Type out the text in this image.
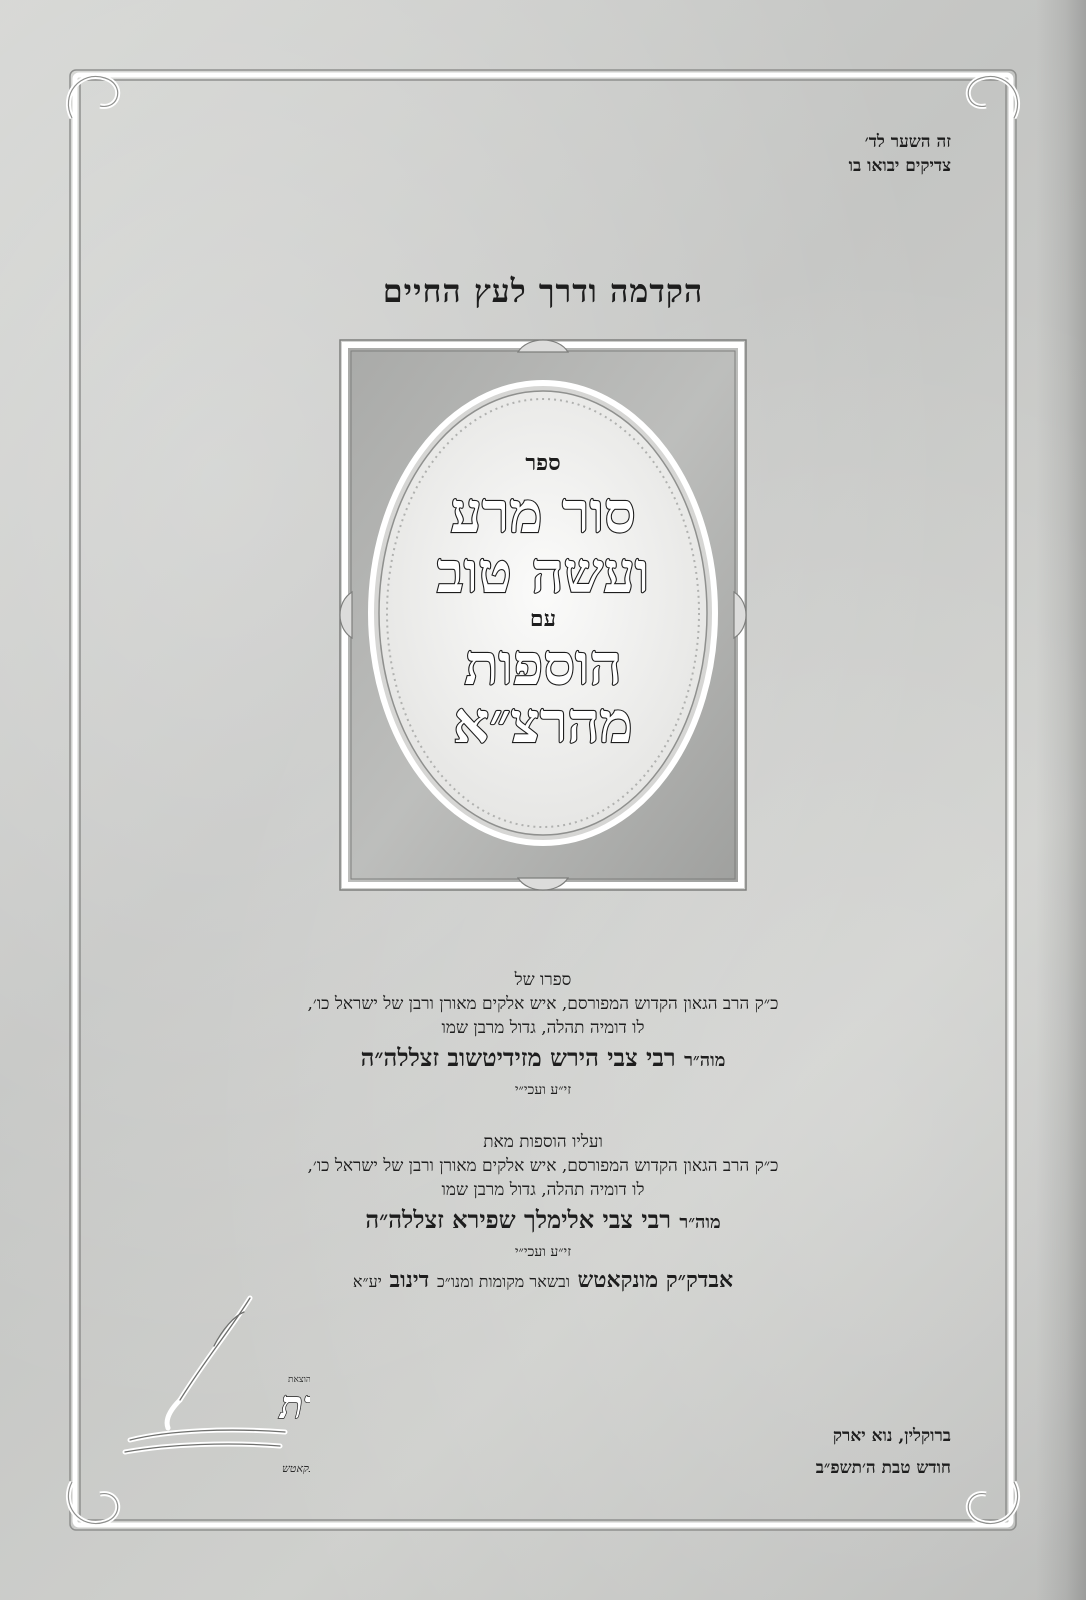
זה השער לד׳
צדיקים יבואו בו
הקדמה ודרך לעץ החיים
ספר
סור מרע
ועשה טוב
עם
הוספות
מהרצ״א
ספרו של
כ״ק הרב הגאון הקדוש המפורסם, איש אלקים מאורן ורבן של ישראל כו׳,
לו דומיה תהלה, גדול מרבן שמו
מוה״ר רבי צבי הירש מזידיטשוב זצללה״ה
זי״ע ועכי״י
ועליו הוספות מאת
כ״ק הרב הגאון הקדוש המפורסם, איש אלקים מאורן ורבן של ישראל כו׳,
לו דומיה תהלה, גדול מרבן שמו
מוה״ר רבי צבי אלימלך שפירא זצללה״ה
זי״ע ועכי״י
אבדק״ק מונקאטש ובשאר מקומות ומנו״כ דינוב יע״א
הוצאת
ת
קאטש
ברוקלין, נוא יארק
חודש טבת ה׳תשפ״ב
